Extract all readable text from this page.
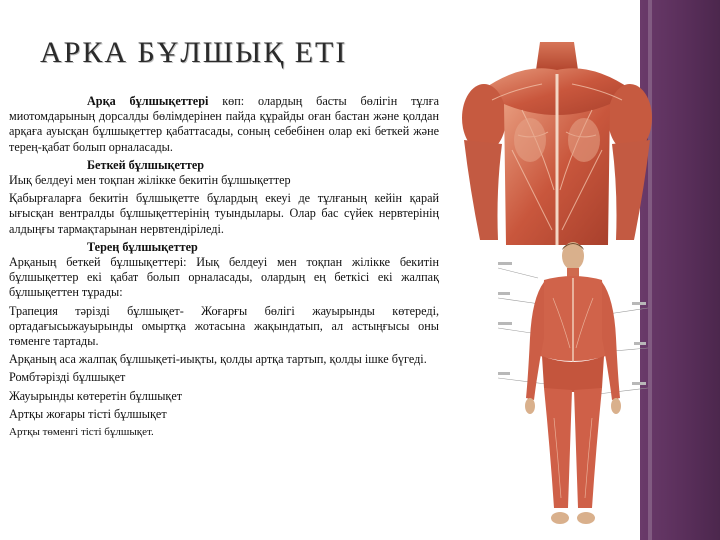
АРКА БҰЛШЫҚ ЕТІ

Арқа бұлшықеттері көп: олардың басты бөлігін тұлға миотомдарының дорсалды бөлімдерінен пайда құрайды оған бастан және қолдан арқаға ауысқан бұлшықеттер қабаттасады, соның себебінен олар екі беткей және терең-қабат болып орналасады.

Беткей бұлшықеттер

Иық белдеуі мен тоқпан жілікке бекитін бұлшықеттер

Қабырғаларға бекитін бұлшықетте бұлардың екеуі де тұлғаның кейін қарай ығысқан вентралды бұлшықеттерінің туындылары. Олар бас сүйек нервтерінің алдыңғы тармақтарынан нервтендіріледі.

Терең бұлшықеттер

Арқаның беткей бұлшықеттері: Иық белдеуі мен тоқпан жілікке бекитін бұлшықеттер екі қабат болып орналасады, олардың ең беткісі екі жалпақ бұлшықеттен тұрады:

Трапеция тәрізді бұлшықет- Жоғарғы бөлігі жауырынды көтереді, ортадағысыжауырынды омыртқа жотасына жақындатып, ал астыңғысы оны төменге тартады.

Арқаның аса жалпақ бұлшықеті-иықты, қолды артқа тартып, қолды ішке бүгеді.

Ромбтәрізді бұлшықет

Жауырынды көтеретін бұлшықет

Артқы жоғары тісті бұлшықет

Артқы төменгі тісті бұлшықет.
